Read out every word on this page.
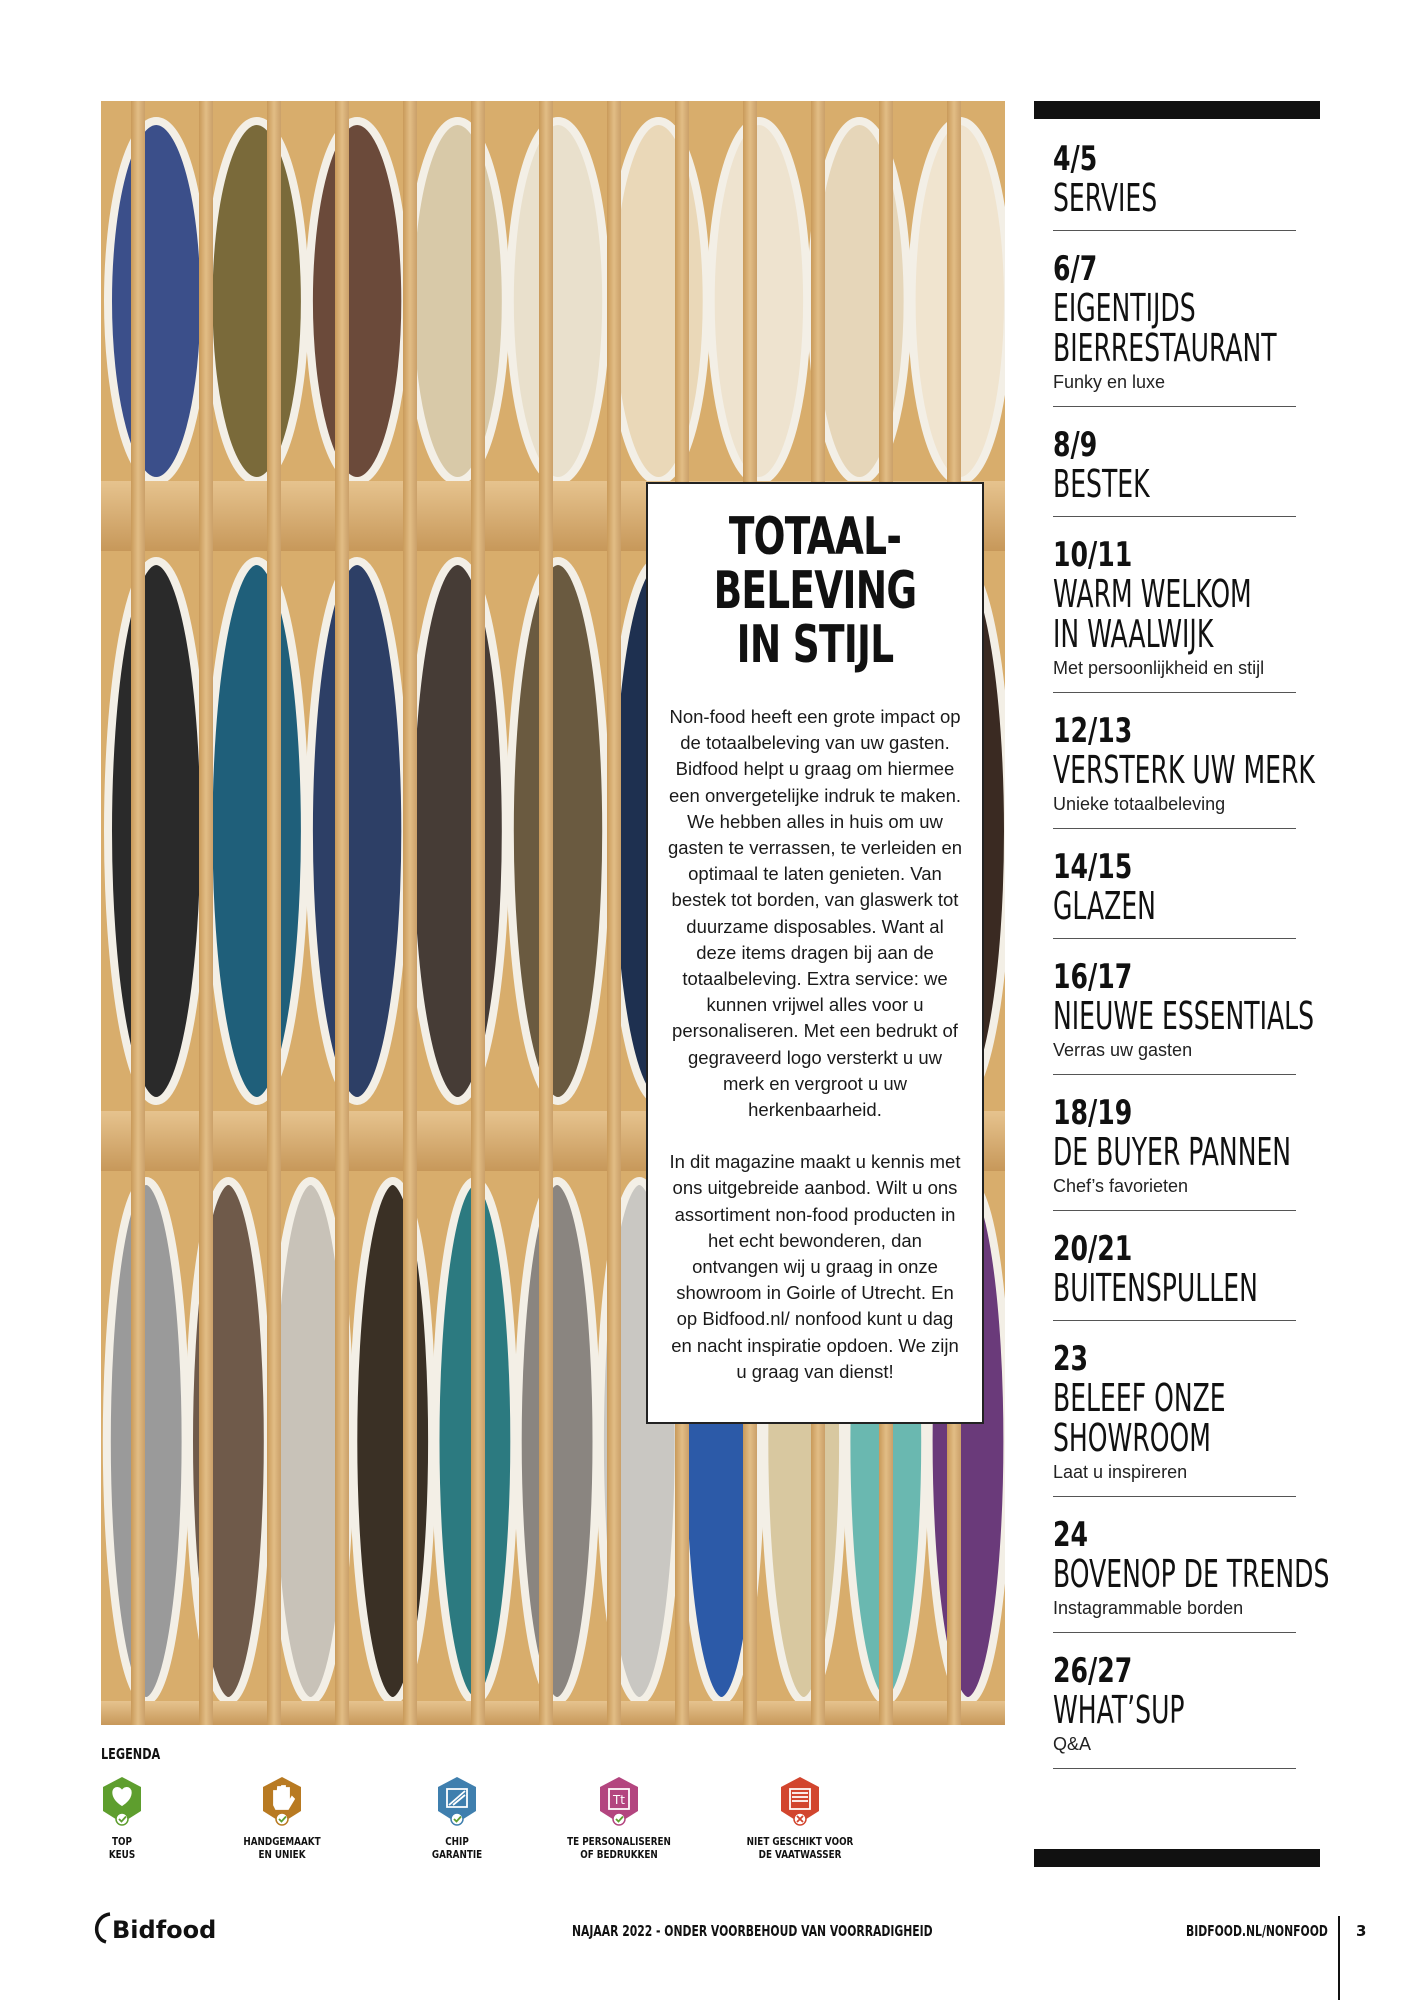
TOTAAL-
BELEVING
IN STIJL

Non-food heeft een grote impact op de totaalbeleving van uw gasten. Bidfood helpt u graag om hiermee een onvergetelijke indruk te maken. We hebben alles in huis om uw gasten te verrassen, te verleiden en optimaal te laten genieten. Van bestek tot borden, van glaswerk tot duurzame disposables. Want al deze items dragen bij aan de totaalbeleving. Extra service: we kunnen vrijwel alles voor u personaliseren. Met een bedrukt of gegraveerd logo versterkt u uw merk en vergroot u uw herkenbaarheid.

In dit magazine maakt u kennis met ons uitgebreide aanbod. Wilt u ons assortiment non-food producten in het echt bewonderen, dan ontvangen wij u graag in onze showroom in Goirle of Utrecht. En op Bidfood.nl/ nonfood kunt u dag en nacht inspiratie opdoen. We zijn u graag van dienst!

4/5
SERVIES
6/7
EIGENTIJDS
BIERRESTAURANT
Funky en luxe
8/9
BESTEK
10/11
WARM WELKOM
IN WAALWIJK
Met persoonlijkheid en stijl
12/13
VERSTERK UW MERK
Unieke totaalbeleving
14/15
GLAZEN
16/17
NIEUWE ESSENTIALS
Verras uw gasten
18/19
DE BUYER PANNEN
Chef’s favorieten
20/21
BUITENSPULLEN
23
BELEEF ONZE
SHOWROOM
Laat u inspireren
24
BOVENOP DE TRENDS
Instagrammable borden
26/27
WHAT’SUP
Q&A
LEGENDA
TOP
KEUS
HANDGEMAAKT
EN UNIEK
CHIP
GARANTIE
Tt
TE PERSONALISEREN
OF BEDRUKKEN
NIET GESCHIKT VOOR
DE VAATWASSER
Bidfood	NAJAAR 2022 - ONDER VOORBEHOUD VAN VOORRADIGHEID	BIDFOOD.NL/NONFOOD 3
